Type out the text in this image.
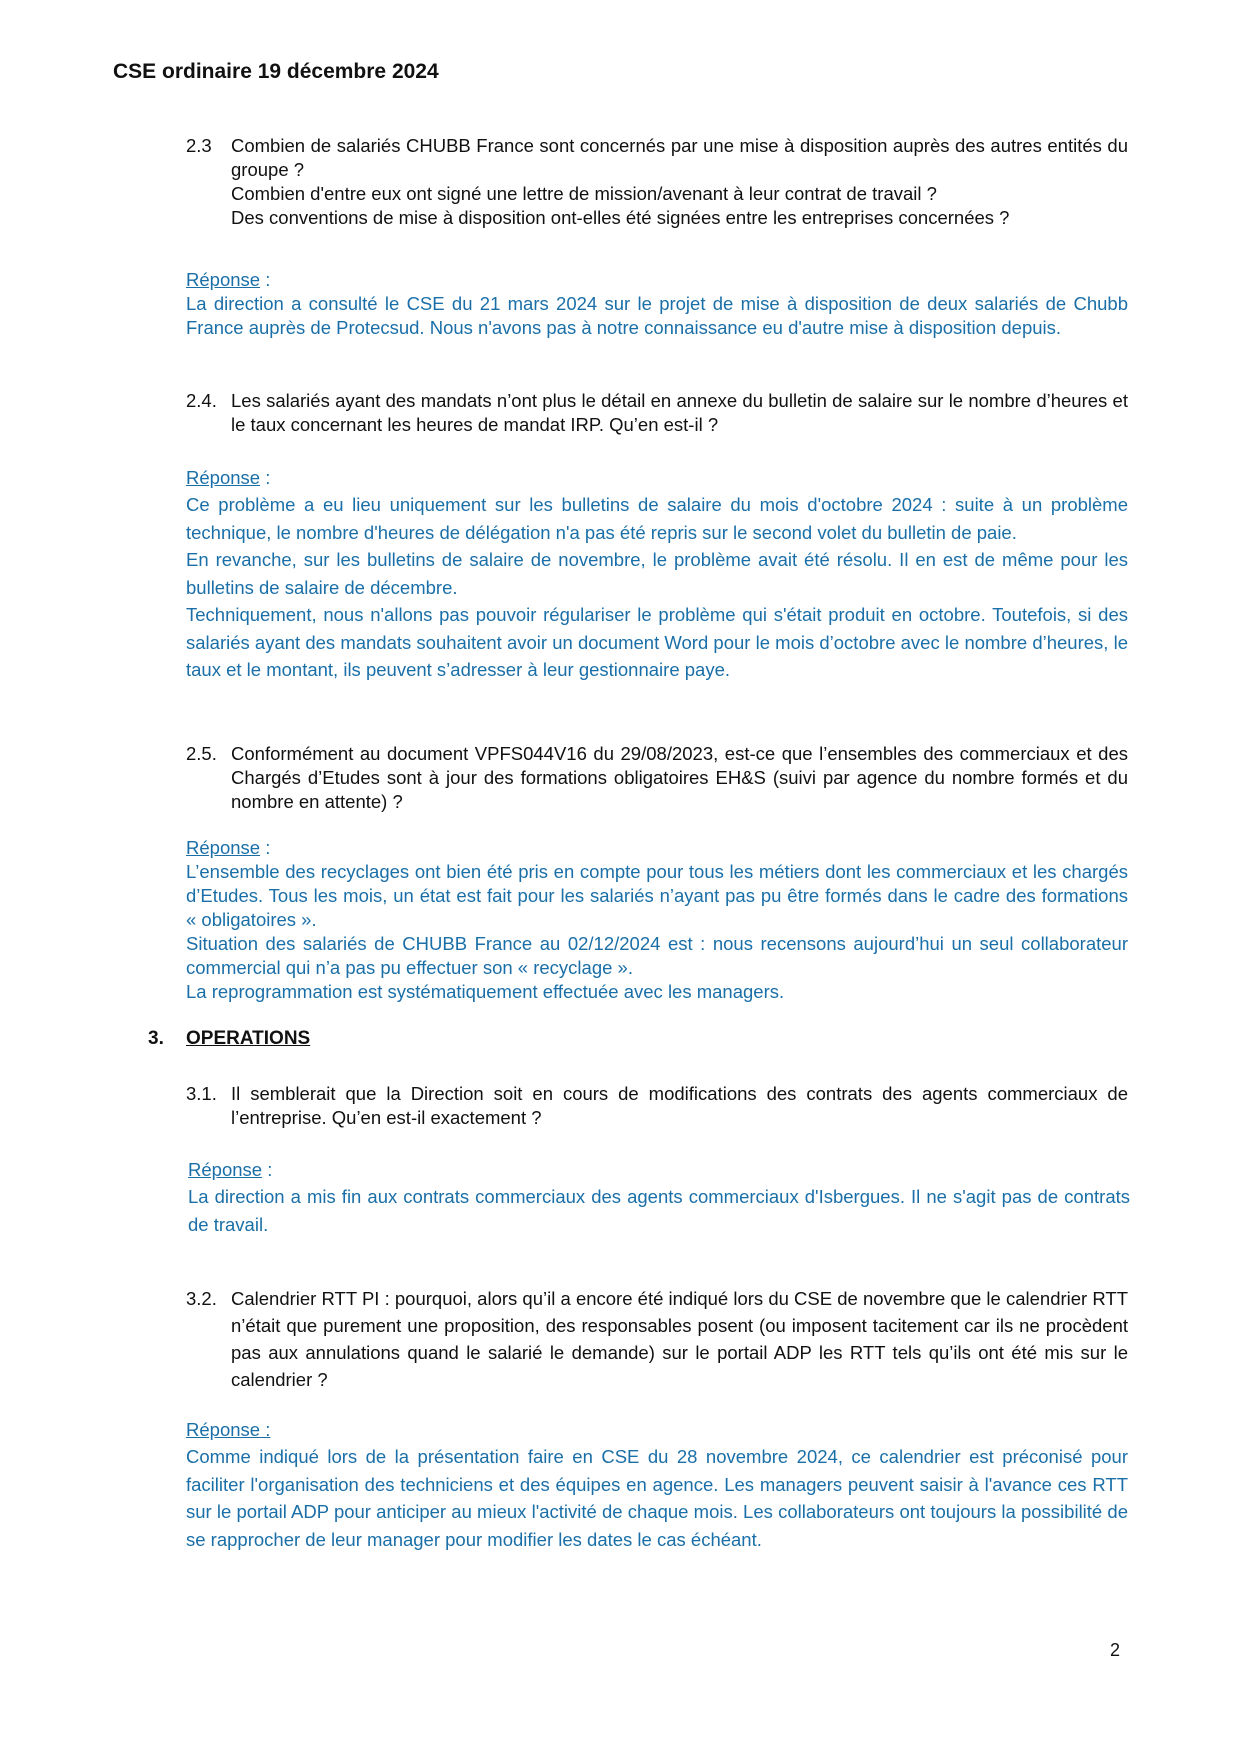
CSE ordinaire 19 décembre 2024
2.3 Combien de salariés CHUBB France sont concernés par une mise à disposition auprès des autres entités du groupe ?

Combien d'entre eux ont signé une lettre de mission/avenant à leur contrat de travail ?

Des conventions de mise à disposition ont-elles été signées entre les entreprises concernées ?

Réponse :

La direction a consulté le CSE du 21 mars 2024 sur le projet de mise à disposition de deux salariés de Chubb France auprès de Protecsud. Nous n'avons pas à notre connaissance eu d'autre mise à disposition depuis.

2.4. Les salariés ayant des mandats n’ont plus le détail en annexe du bulletin de salaire sur le nombre d’heures et le taux concernant les heures de mandat IRP. Qu’en est-il ?

Réponse :

Ce problème a eu lieu uniquement sur les bulletins de salaire du mois d'octobre 2024 : suite à un problème technique, le nombre d'heures de délégation n'a pas été repris sur le second volet du bulletin de paie.

En revanche, sur les bulletins de salaire de novembre, le problème avait été résolu. Il en est de même pour les bulletins de salaire de décembre.

Techniquement, nous n'allons pas pouvoir régulariser le problème qui s'était produit en octobre. Toutefois, si des salariés ayant des mandats souhaitent avoir un document Word pour le mois d’octobre avec le nombre d’heures, le taux et le montant, ils peuvent s’adresser à leur gestionnaire paye.

2.5. Conformément au document VPFS044V16 du 29/08/2023, est-ce que l’ensembles des commerciaux et des Chargés d’Etudes sont à jour des formations obligatoires EH&S (suivi par agence du nombre formés et du nombre en attente) ?

Réponse :

L’ensemble des recyclages ont bien été pris en compte pour tous les métiers dont les commerciaux et les chargés d’Etudes. Tous les mois, un état est fait pour les salariés n’ayant pas pu être formés dans le cadre des formations « obligatoires ».

Situation des salariés de CHUBB France au 02/12/2024 est : nous recensons aujourd’hui un seul collaborateur commercial qui n’a pas pu effectuer son « recyclage ».

La reprogrammation est systématiquement effectuée avec les managers.

3. OPERATIONS
3.1. Il semblerait que la Direction soit en cours de modifications des contrats des agents commerciaux de l’entreprise. Qu’en est-il exactement ?

Réponse :

La direction a mis fin aux contrats commerciaux des agents commerciaux d'Isbergues. Il ne s'agit pas de contrats de travail.

3.2. Calendrier RTT PI : pourquoi, alors qu’il a encore été indiqué lors du CSE de novembre que le calendrier RTT n’était que purement une proposition, des responsables posent (ou imposent tacitement car ils ne procèdent pas aux annulations quand le salarié le demande) sur le portail ADP les RTT tels qu’ils ont été mis sur le calendrier ?

Réponse :

Comme indiqué lors de la présentation faire en CSE du 28 novembre 2024, ce calendrier est préconisé pour faciliter l'organisation des techniciens et des équipes en agence. Les managers peuvent saisir à l'avance ces RTT sur le portail ADP pour anticiper au mieux l'activité de chaque mois. Les collaborateurs ont toujours la possibilité de se rapprocher de leur manager pour modifier les dates le cas échéant.

2
